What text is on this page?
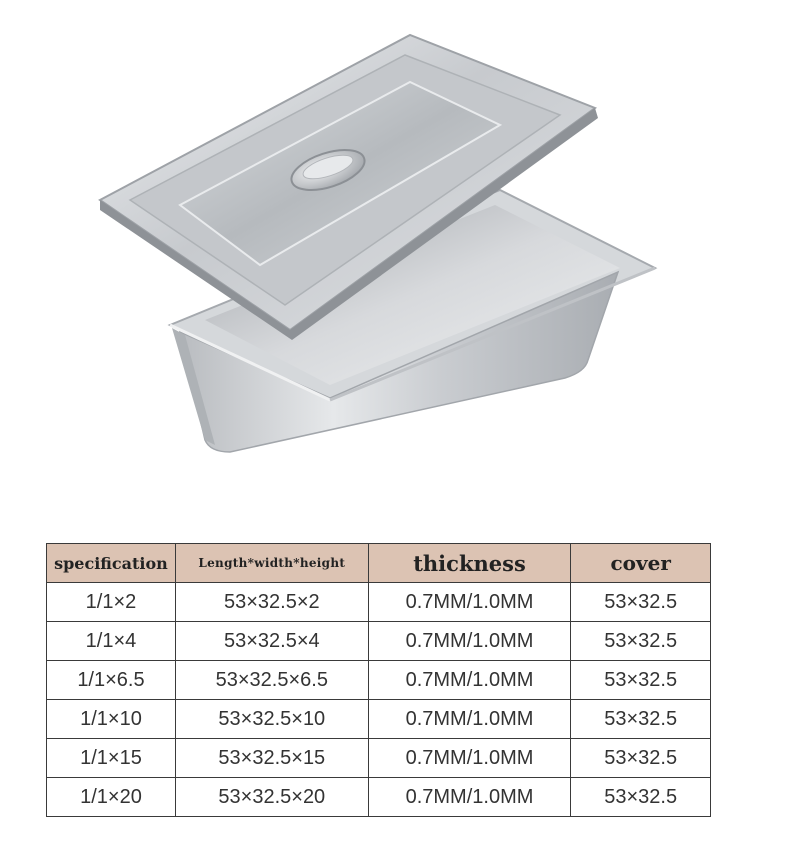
specification	Length*width*height	thickness	cover
1/1×2	53×32.5×2	0.7MM/1.0MM	53×32.5
1/1×4	53×32.5×4	0.7MM/1.0MM	53×32.5
1/1×6.5	53×32.5×6.5	0.7MM/1.0MM	53×32.5
1/1×10	53×32.5×10	0.7MM/1.0MM	53×32.5
1/1×15	53×32.5×15	0.7MM/1.0MM	53×32.5
1/1×20	53×32.5×20	0.7MM/1.0MM	53×32.5
